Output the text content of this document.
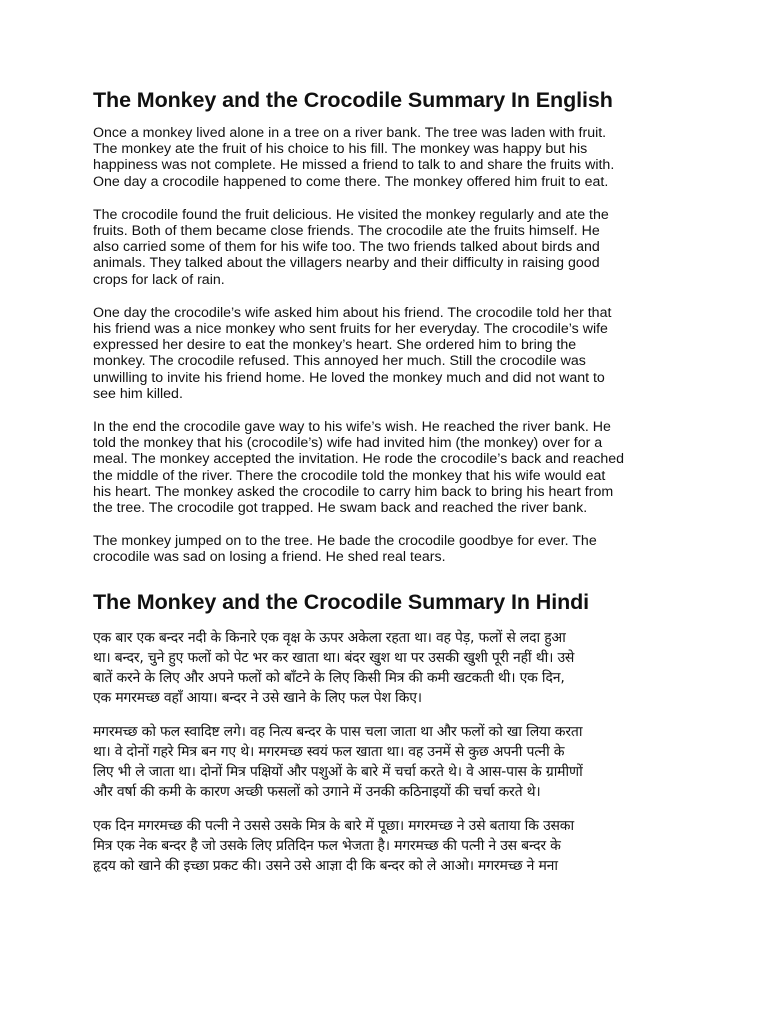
The Monkey and the Crocodile Summary In English

Once a monkey lived alone in a tree on a river bank. The tree was laden with fruit.
The monkey ate the fruit of his choice to his fill. The monkey was happy but his
happiness was not complete. He missed a friend to talk to and share the fruits with.
One day a crocodile happened to come there. The monkey offered him fruit to eat.

The crocodile found the fruit delicious. He visited the monkey regularly and ate the
fruits. Both of them became close friends. The crocodile ate the fruits himself. He
also carried some of them for his wife too. The two friends talked about birds and
animals. They talked about the villagers nearby and their difficulty in raising good
crops for lack of rain.

One day the crocodile’s wife asked him about his friend. The crocodile told her that
his friend was a nice monkey who sent fruits for her everyday. The crocodile’s wife
expressed her desire to eat the monkey’s heart. She ordered him to bring the
monkey. The crocodile refused. This annoyed her much. Still the crocodile was
unwilling to invite his friend home. He loved the monkey much and did not want to
see him killed.

In the end the crocodile gave way to his wife’s wish. He reached the river bank. He
told the monkey that his (crocodile’s) wife had invited him (the monkey) over for a
meal. The monkey accepted the invitation. He rode the crocodile’s back and reached
the middle of the river. There the crocodile told the monkey that his wife would eat
his heart. The monkey asked the crocodile to carry him back to bring his heart from
the tree. The crocodile got trapped. He swam back and reached the river bank.

The monkey jumped on to the tree. He bade the crocodile goodbye for ever. The
crocodile was sad on losing a friend. He shed real tears.

The Monkey and the Crocodile Summary In Hindi

एक बार एक बन्दर नदी के किनारे एक वृक्ष के ऊपर अकेला रहता था। वह पेड़, फलों से लदा हुआ
था। बन्दर, चुने हुए फलों को पेट भर कर खाता था। बंदर खुश था पर उसकी खुशी पूरी नहीं थी। उसे
बातें करने के लिए और अपने फलों को बाँटने के लिए किसी मित्र की कमी खटकती थी। एक दिन,
एक मगरमच्छ वहाँ आया। बन्दर ने उसे खाने के लिए फल पेश किए।

मगरमच्छ को फल स्वादिष्ट लगे। वह नित्य बन्दर के पास चला जाता था और फलों को खा लिया करता
था। वे दोनों गहरे मित्र बन गए थे। मगरमच्छ स्वयं फल खाता था। वह उनमें से कुछ अपनी पत्नी के
लिए भी ले जाता था। दोनों मित्र पक्षियों और पशुओं के बारे में चर्चा करते थे। वे आस-पास के ग्रामीणों
और वर्षा की कमी के कारण अच्छी फसलों को उगाने में उनकी कठिनाइयों की चर्चा करते थे।

एक दिन मगरमच्छ की पत्नी ने उससे उसके मित्र के बारे में पूछा। मगरमच्छ ने उसे बताया कि उसका
मित्र एक नेक बन्दर है जो उसके लिए प्रतिदिन फल भेजता है। मगरमच्छ की पत्नी ने उस बन्दर के
हृदय को खाने की इच्छा प्रकट की। उसने उसे आज्ञा दी कि बन्दर को ले आओ। मगरमच्छ ने मना
